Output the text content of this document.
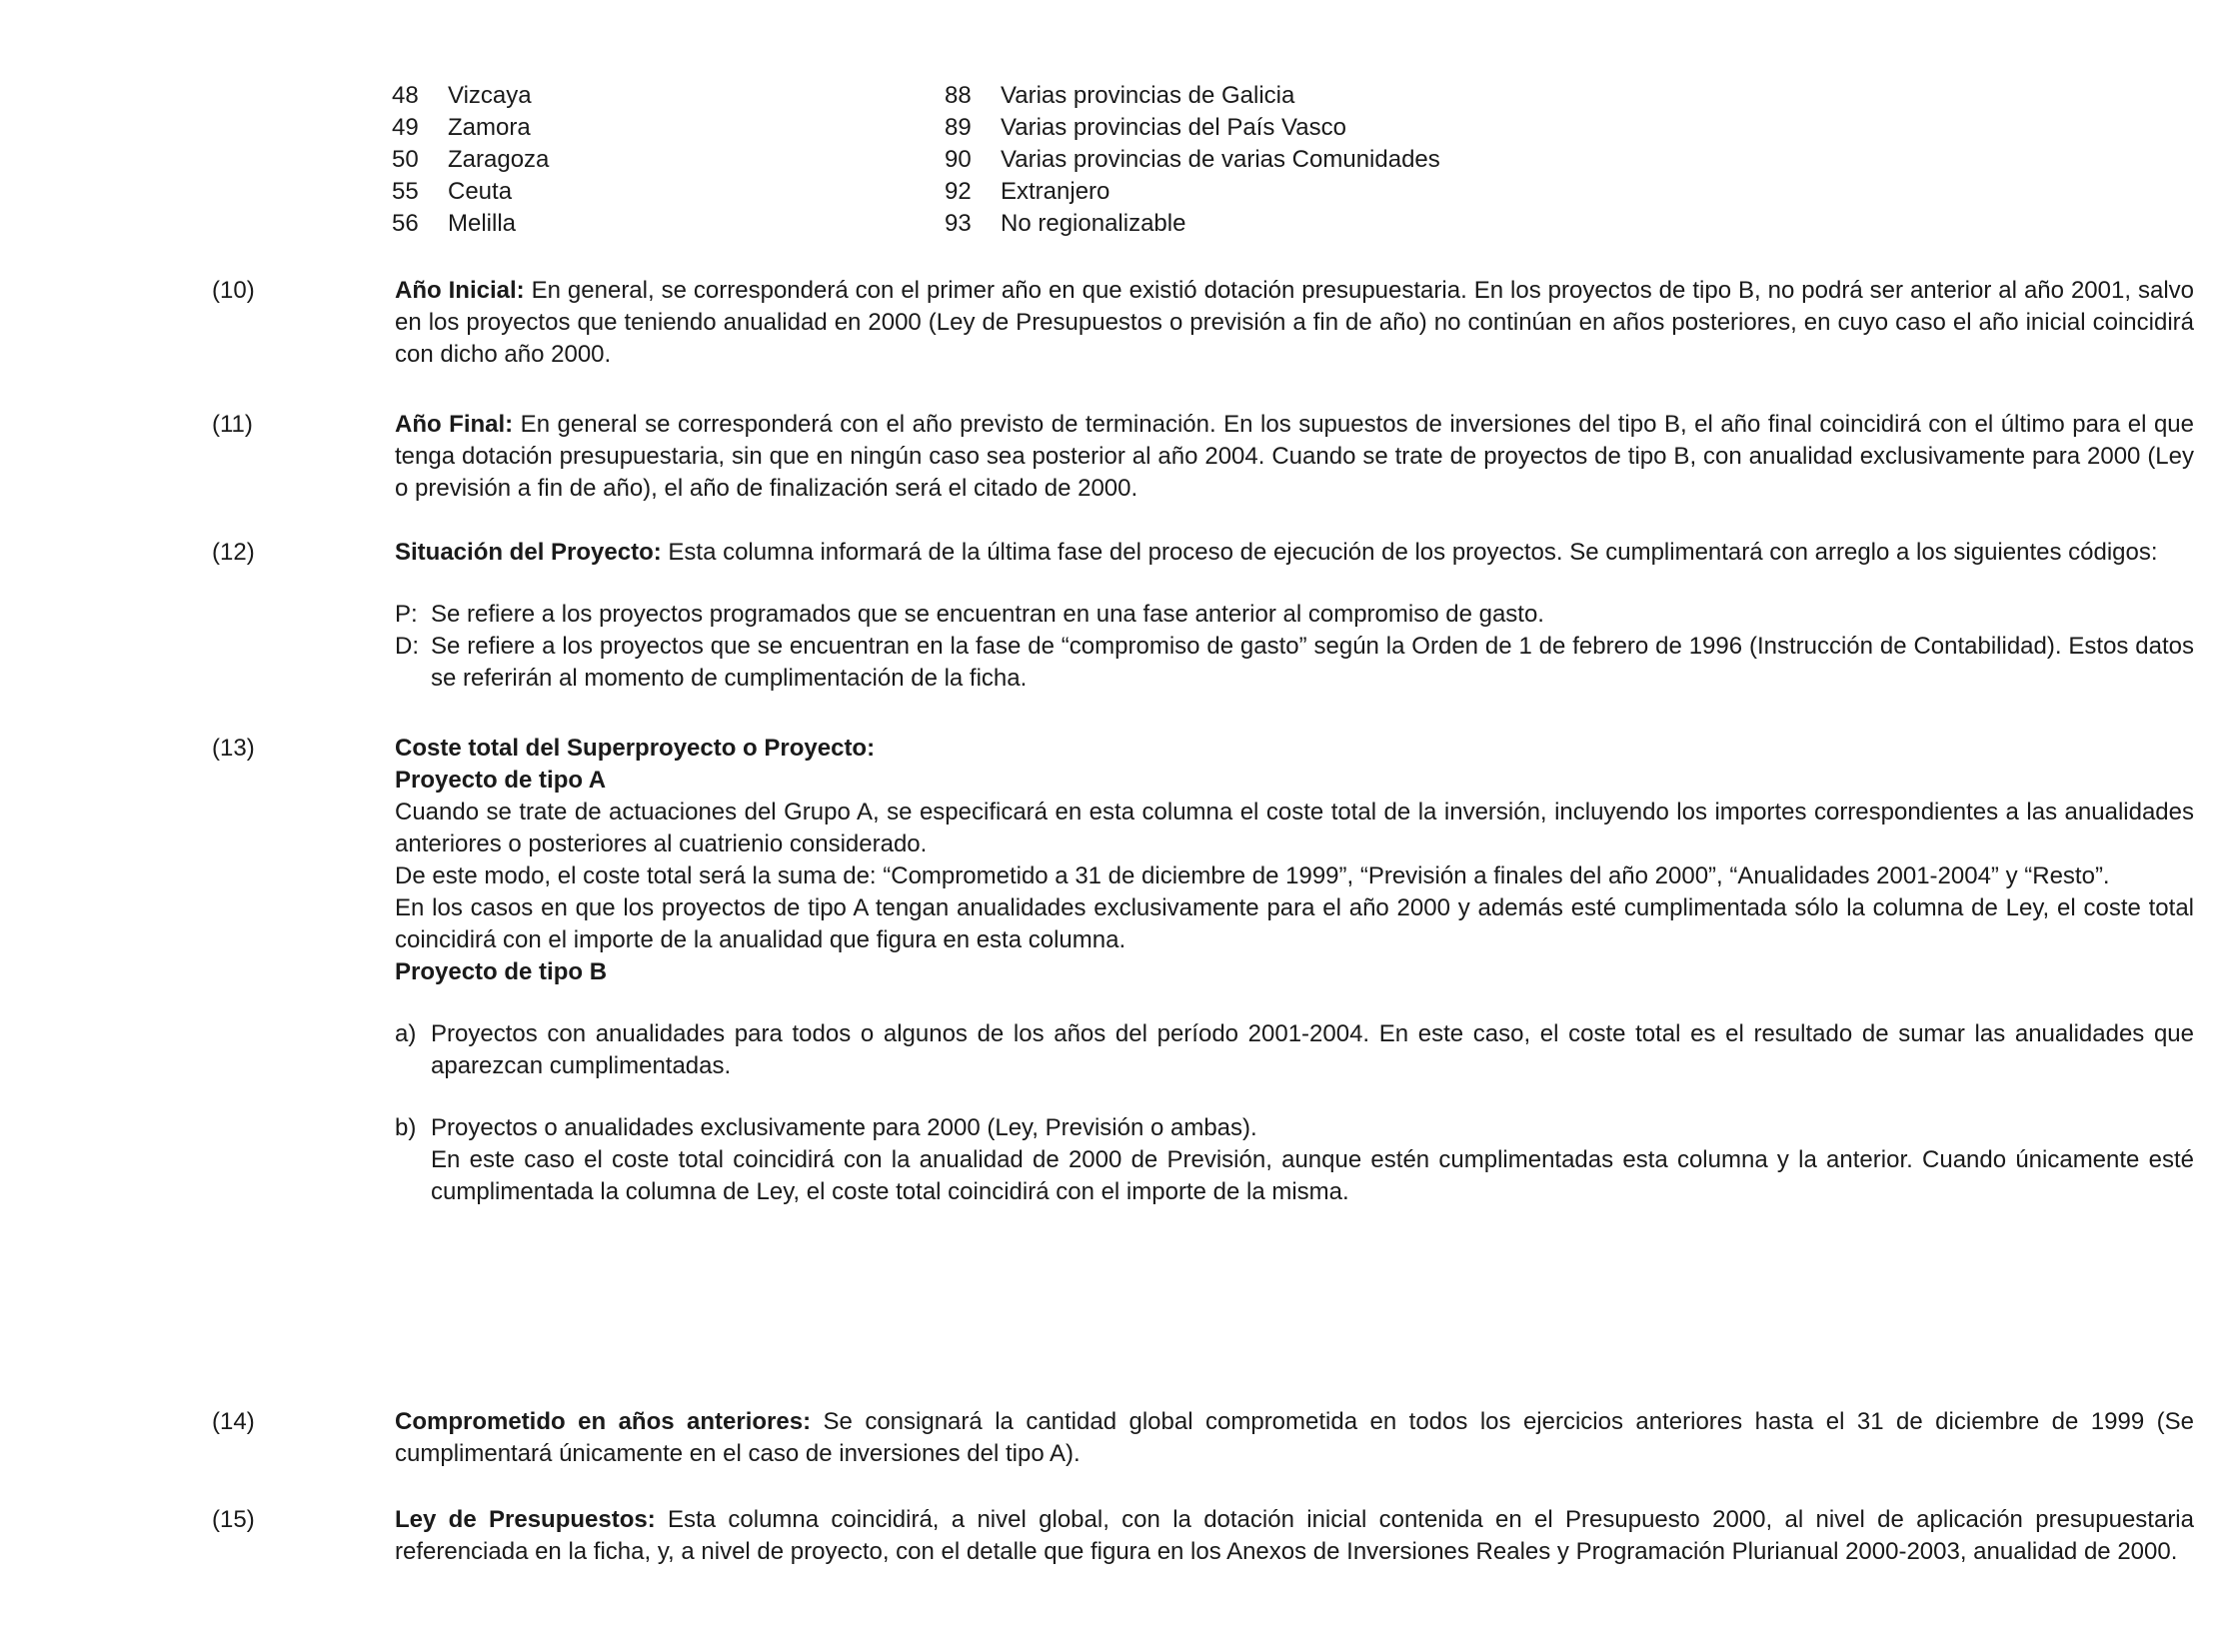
48	Vizcaya
49	Zamora
50	Zaragoza
55	Ceuta
56	Melilla
88	Varias provincias de Galicia
89	Varias provincias del País Vasco
90	Varias provincias de varias Comunidades
92	Extranjero
93	No regionalizable
(10)	Año Inicial: En general, se corresponderá con el primer año en que existió dotación presupuestaria. En los proyectos de tipo B, no podrá ser anterior al año 2001, salvo en los proyectos que teniendo anualidad en 2000 (Ley de Presupuestos o previsión a fin de año) no continúan en años posteriores, en cuyo caso el año inicial coincidirá con dicho año 2000.

(11)	Año Final: En general se corresponderá con el año previsto de terminación. En los supuestos de inversiones del tipo B, el año final coincidirá con el último para el que tenga dotación presupuestaria, sin que en ningún caso sea posterior al año 2004. Cuando se trate de proyectos de tipo B, con anualidad exclusivamente para 2000 (Ley o previsión a fin de año), el año de finalización será el citado de 2000.

(12)	Situación del Proyecto: Esta columna informará de la última fase del proceso de ejecución de los proyectos. Se cumplimentará con arreglo a los siguientes códigos:

P: Se refiere a los proyectos programados que se encuentran en una fase anterior al compromiso de gasto.
D: Se refiere a los proyectos que se encuentran en la fase de “compromiso de gasto” según la Orden de 1 de febrero de 1996 (Instrucción de Contabilidad). Estos datos se referirán al momento de cumplimentación de la ficha.
(13)	Coste total del Superproyecto o Proyecto:

Proyecto de tipo A

Cuando se trate de actuaciones del Grupo A, se especificará en esta columna el coste total de la inversión, incluyendo los importes correspondientes a las anualidades anteriores o posteriores al cuatrienio considerado.

De este modo, el coste total será la suma de: “Comprometido a 31 de diciembre de 1999”, “Previsión a finales del año 2000”, “Anualidades 2001-2004” y “Resto”.

En los casos en que los proyectos de tipo A tengan anualidades exclusivamente para el año 2000 y además esté cumplimentada sólo la columna de Ley, el coste total coincidirá con el importe de la anualidad que figura en esta columna.

Proyecto de tipo B

a) Proyectos con anualidades para todos o algunos de los años del período 2001-2004. En este caso, el coste total es el resultado de sumar las anualidades que aparezcan cumplimentadas.
b) Proyectos o anualidades exclusivamente para 2000 (Ley, Previsión o ambas).

En este caso el coste total coincidirá con la anualidad de 2000 de Previsión, aunque estén cumplimentadas esta columna y la anterior. Cuando únicamente esté cumplimentada la columna de Ley, el coste total coincidirá con el importe de la misma.

(14)	Comprometido en años anteriores: Se consignará la cantidad global comprometida en todos los ejercicios anteriores hasta el 31 de diciembre de 1999 (Se cumplimentará únicamente en el caso de inversiones del tipo A).

(15)	Ley de Presupuestos: Esta columna coincidirá, a nivel global, con la dotación inicial contenida en el Presupuesto 2000, al nivel de aplicación presupuestaria referenciada en la ficha, y, a nivel de proyecto, con el detalle que figura en los Anexos de Inversiones Reales y Programación Plurianual 2000-2003, anualidad de 2000.
